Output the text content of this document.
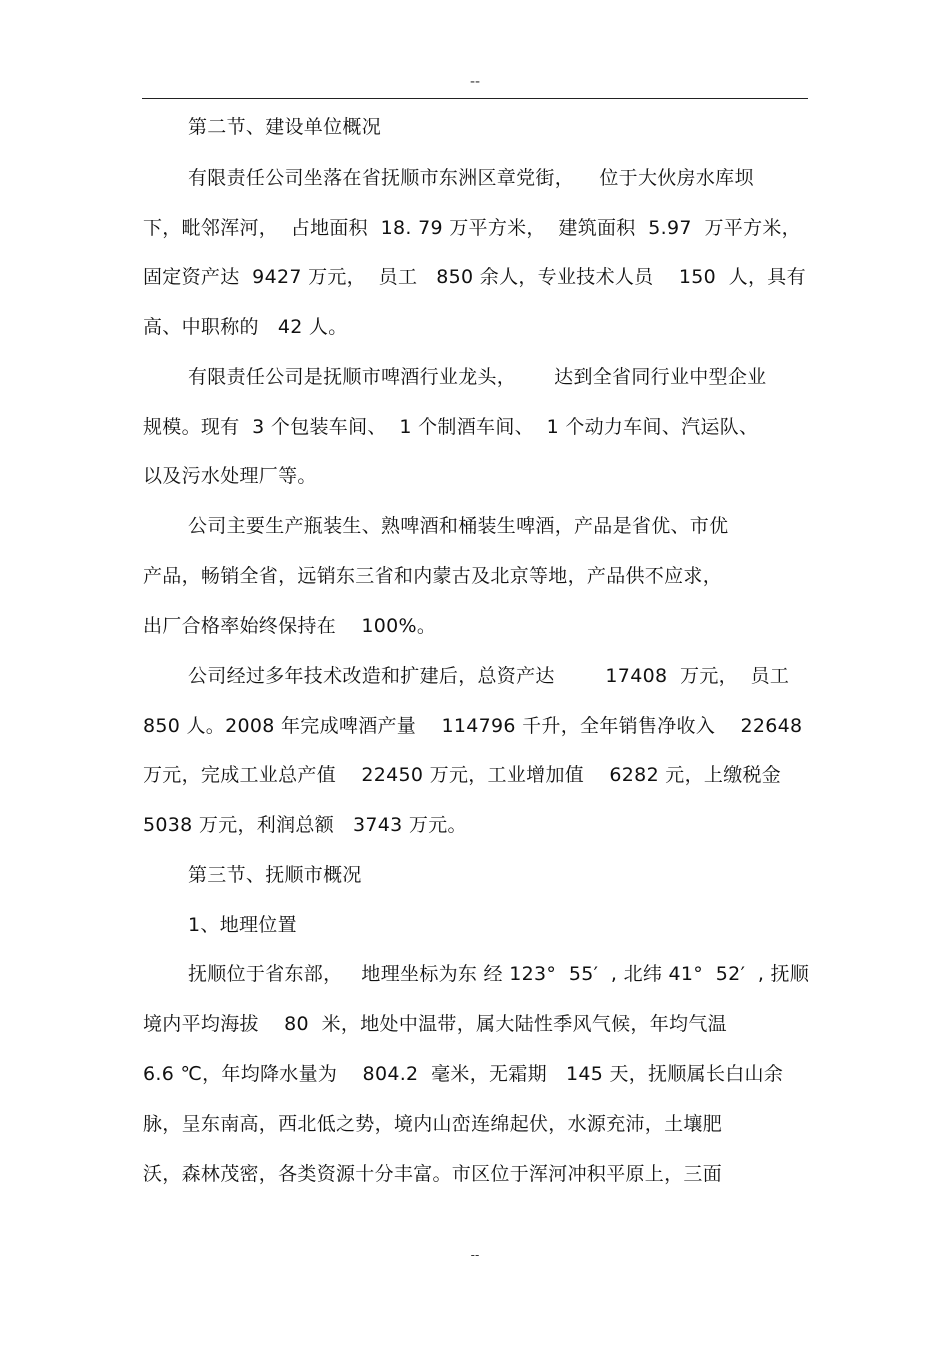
--
第二节、建设单位概况
有限责任公司坐落在省抚顺市东洲区章党街，    位于大伙房水库坝
下，毗邻浑河，  占地面积  18. 79 万平方米，  建筑面积  5.97  万平方米，
固定资产达  9427 万元，  员工   850 余人，专业技术人员    150  人，具有
高、中职称的   42 人。
有限责任公司是抚顺市啤酒行业龙头，      达到全省同行业中型企业
规模。现有  3 个包装车间、  1 个制酒车间、  1 个动力车间、汽运队、
以及污水处理厂等。
公司主要生产瓶装生、熟啤酒和桶装生啤酒，产品是省优、市优
产品，畅销全省，远销东三省和内蒙古及北京等地，产品供不应求，
出厂合格率始终保持在    100%。
公司经过多年技术改造和扩建后，总资产达        17408  万元，  员工
850 人。2008 年完成啤酒产量    114796 千升，全年销售净收入    22648
万元，完成工业总产值    22450 万元，工业增加值    6282 元，上缴税金
5038 万元，利润总额   3743 万元。
第三节、抚顺市概况
1、地理位置
抚顺位于省东部，   地理坐标为东 经 123°  55′  , 北纬 41°  52′  , 抚顺
境内平均海拔    80  米，地处中温带，属大陆性季风气候，年均气温
6.6 ℃，年均降水量为    804.2  毫米，无霜期   145 天，抚顺属长白山余
脉，呈东南高，西北低之势，境内山峦连绵起伏，水源充沛，土壤肥
沃，森林茂密，各类资源十分丰富。市区位于浑河冲积平原上，三面
--
